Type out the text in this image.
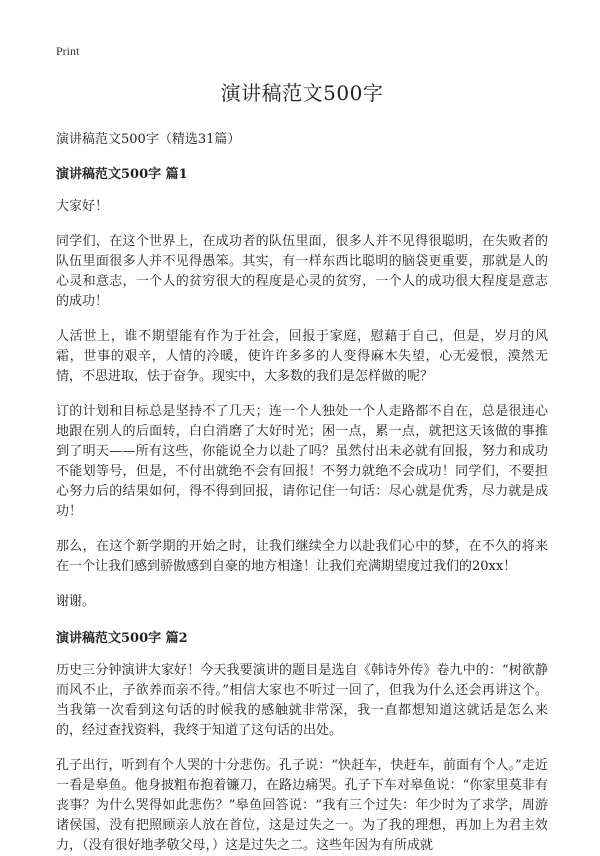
Print
演讲稿范文500字
演讲稿范文500字（精选31篇）
演讲稿范文500字 篇1

大家好！

同学们，在这个世界上，在成功者的队伍里面，很多人并不见得很聪明，在失败者的队伍里面很多人并不见得愚笨。其实，有一样东西比聪明的脑袋更重要，那就是人的心灵和意志，一个人的贫穷很大的程度是心灵的贫穷，一个人的成功很大程度是意志的成功！

人活世上，谁不期望能有作为于社会，回报于家庭，慰藉于自己，但是，岁月的风霜，世事的艰辛，人情的冷暖，使许许多多的人变得麻木失望，心无爱恨，漠然无情，不思进取，怯于奋争。现实中，大多数的我们是怎样做的呢？

订的计划和目标总是坚持不了几天；连一个人独处一个人走路都不自在，总是很违心地跟在别人的后面转，白白消磨了大好时光；困一点，累一点，就把这天该做的事推到了明天——所有这些，你能说全力以赴了吗？虽然付出未必就有回报，努力和成功不能划等号，但是，不付出就绝不会有回报！不努力就绝不会成功！同学们，不要担心努力后的结果如何，得不得到回报，请你记住一句话：尽心就是优秀，尽力就是成功！

那么，在这个新学期的开始之时，让我们继续全力以赴我们心中的梦，在不久的将来在一个让我们感到骄傲感到自豪的地方相逢！让我们充满期望度过我们的20xx！

谢谢。

演讲稿范文500字 篇2

历史三分钟演讲大家好！今天我要演讲的题目是选自《韩诗外传》卷九中的：“树欲静而风不止，子欲养而亲不待。”相信大家也不听过一回了，但我为什么还会再讲这个。当我第一次看到这句话的时候我的感触就非常深，我一直都想知道这就话是怎么来的，经过查找资料，我终于知道了这句话的出处。

孔子出行，听到有个人哭的十分悲伤。孔子说：“快赶车，快赶车，前面有个人。”走近一看是皋鱼。他身披粗布抱着镰刀，在路边痛哭。孔子下车对皋鱼说：“你家里莫非有丧事？为什么哭得如此悲伤？”皋鱼回答说：“我有三个过失：年少时为了求学，周游诸侯国，没有把照顾亲人放在首位，这是过失之一。为了我的理想，再加上为君主效力，（没有很好地孝敬父母，）这是过失之二。这些年因为有所成就
